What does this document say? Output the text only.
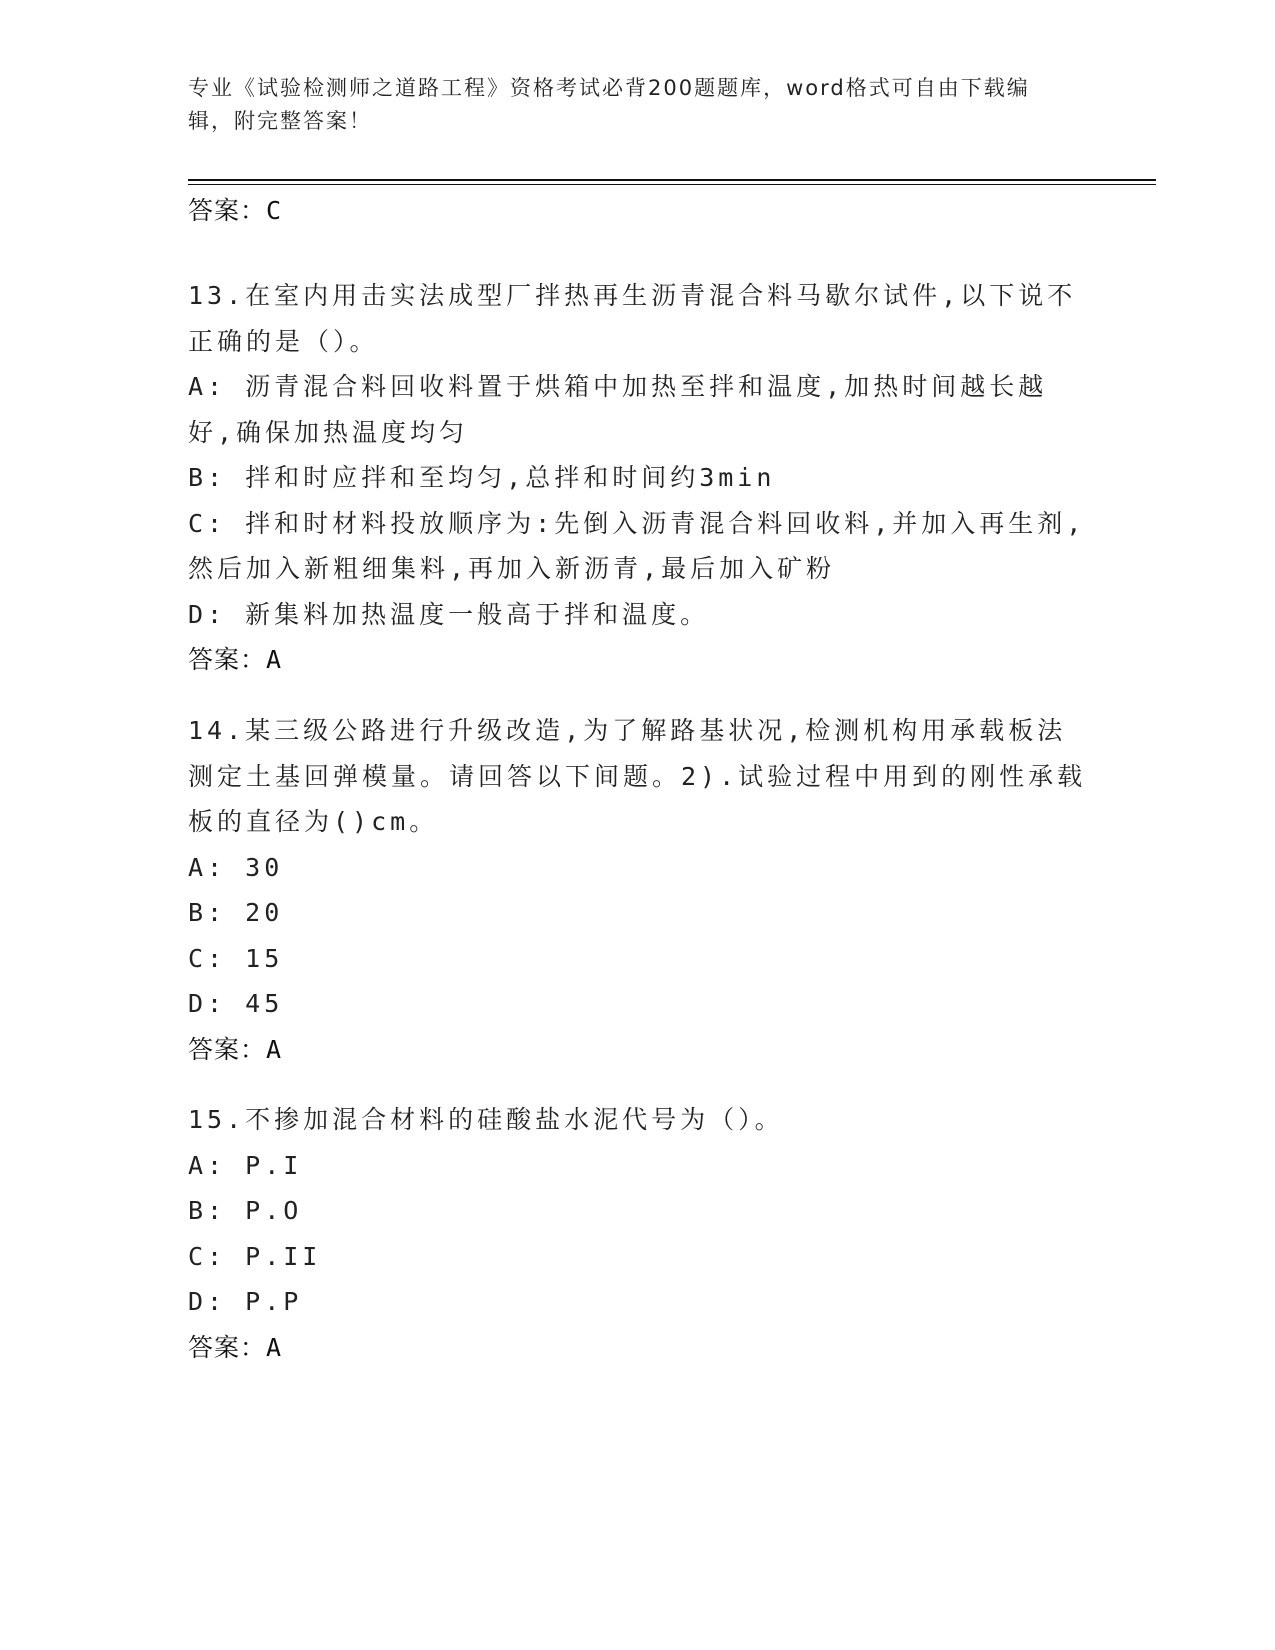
专业《试验检测师之道路工程》资格考试必背200题题库，word格式可自由下载编辑，附完整答案！
答案：C

13.在室内用击实法成型厂拌热再生沥青混合料马歇尔试件,以下说不正确的是（）。

A: 沥青混合料回收料置于烘箱中加热至拌和温度,加热时间越长越好,确保加热温度均匀

B: 拌和时应拌和至均匀,总拌和时间约3min

C: 拌和时材料投放顺序为:先倒入沥青混合料回收料,并加入再生剂,然后加入新粗细集料,再加入新沥青,最后加入矿粉

D: 新集料加热温度一般高于拌和温度。

答案：A

14.某三级公路进行升级改造,为了解路基状况,检测机构用承载板法测定土基回弹模量。请回答以下间题。2).试验过程中用到的刚性承载板的直径为()cm。

A: 30

B: 20

C: 15

D: 45

答案：A

15.不掺加混合材料的硅酸盐水泥代号为（）。

A: P.I

B: P.O

C: P.II

D: P.P

答案：A
